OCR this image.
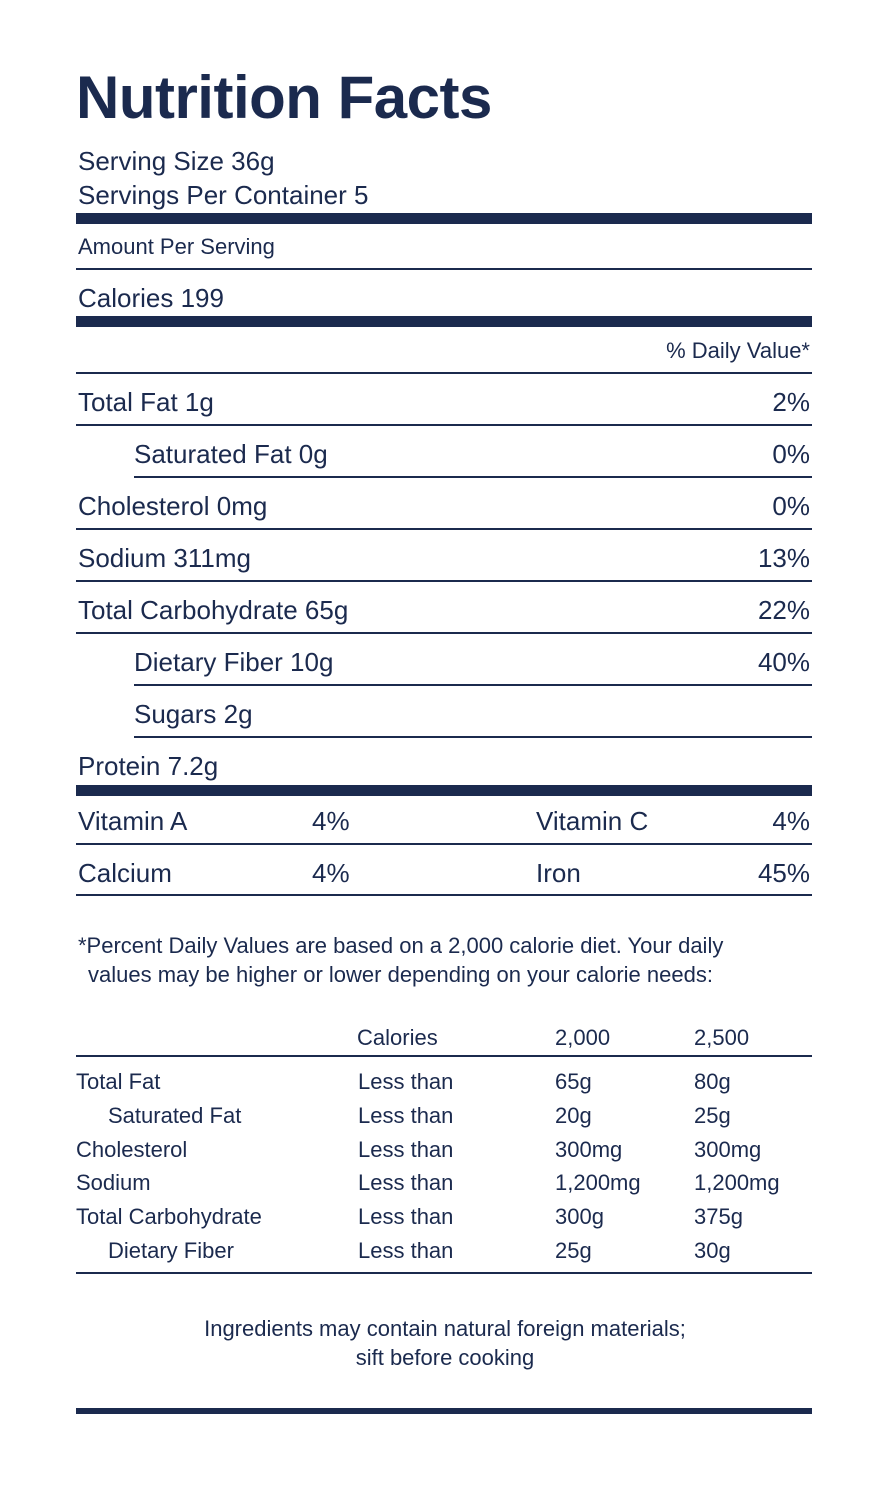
Nutrition Facts
Serving Size 36g
Servings Per Container 5
Amount Per Serving
Calories 199
% Daily Value*
Total Fat 1g	2%
Saturated Fat 0g	0%
Cholesterol 0mg	0%
Sodium 311mg	13%
Total Carbohydrate 65g	22%
Dietary Fiber 10g	40%
Sugars 2g
Protein 7.2g
Vitamin A	4%	Vitamin C	4%
Calcium	4%	Iron	45%
*Percent Daily Values are based on a 2,000 calorie diet. Your daily
values may be higher or lower depending on your calorie needs:
Calories	2,000	2,500
Total Fat	Less than	65g	80g
Saturated Fat	Less than	20g	25g
Cholesterol	Less than	300mg	300mg
Sodium	Less than	1,200mg 1,200mg
Total Carbohydrate	Less than	300g	375g
Dietary Fiber	Less than	25g	30g
Ingredients may contain natural foreign materials;
sift before cooking
